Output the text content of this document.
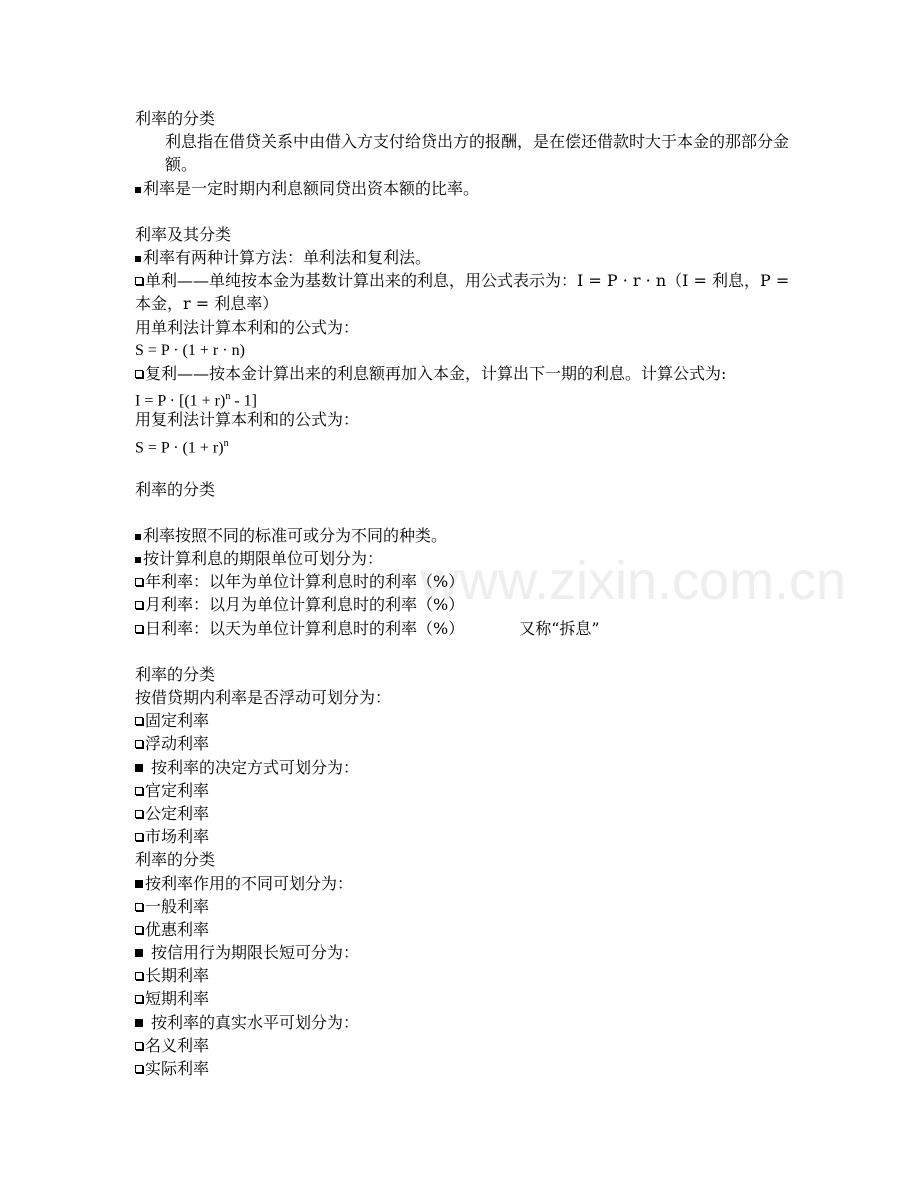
www.zixin.com.cn
利率的分类
利息指在借贷关系中由借入方支付给贷出方的报酬，是在偿还借款时大于本金的那部分金额。
利率是一定时期内利息额同贷出资本额的比率。
利率及其分类
利率有两种计算方法：单利法和复利法。
单利——单纯按本金为基数计算出来的利息，用公式表示为：I = P · r · n（I = 利息，P = 本金，r = 利息率）
用单利法计算本利和的公式为：
S = P · (1 + r · n)
复利——按本金计算出来的利息额再加入本金，计算出下一期的利息。计算公式为:
$I = P \cdot [(1 + r)^n - 1]$
用复利法计算本利和的公式为：
$S = P \cdot (1 + r)^n$
利率的分类
利率按照不同的标准可或分为不同的种类。
按计算利息的期限单位可划分为：
年利率：以年为单位计算利息时的利率（%）
月利率：以月为单位计算利息时的利率（%）
日利率：以天为单位计算利息时的利率（%）	又称“拆息”
利率的分类
按借贷期内利率是否浮动可划分为：
固定利率
浮动利率
按利率的决定方式可划分为：
官定利率
公定利率
市场利率
利率的分类
按利率作用的不同可划分为：
一般利率
优惠利率
按信用行为期限长短可分为：
长期利率
短期利率
按利率的真实水平可划分为：
名义利率
实际利率
